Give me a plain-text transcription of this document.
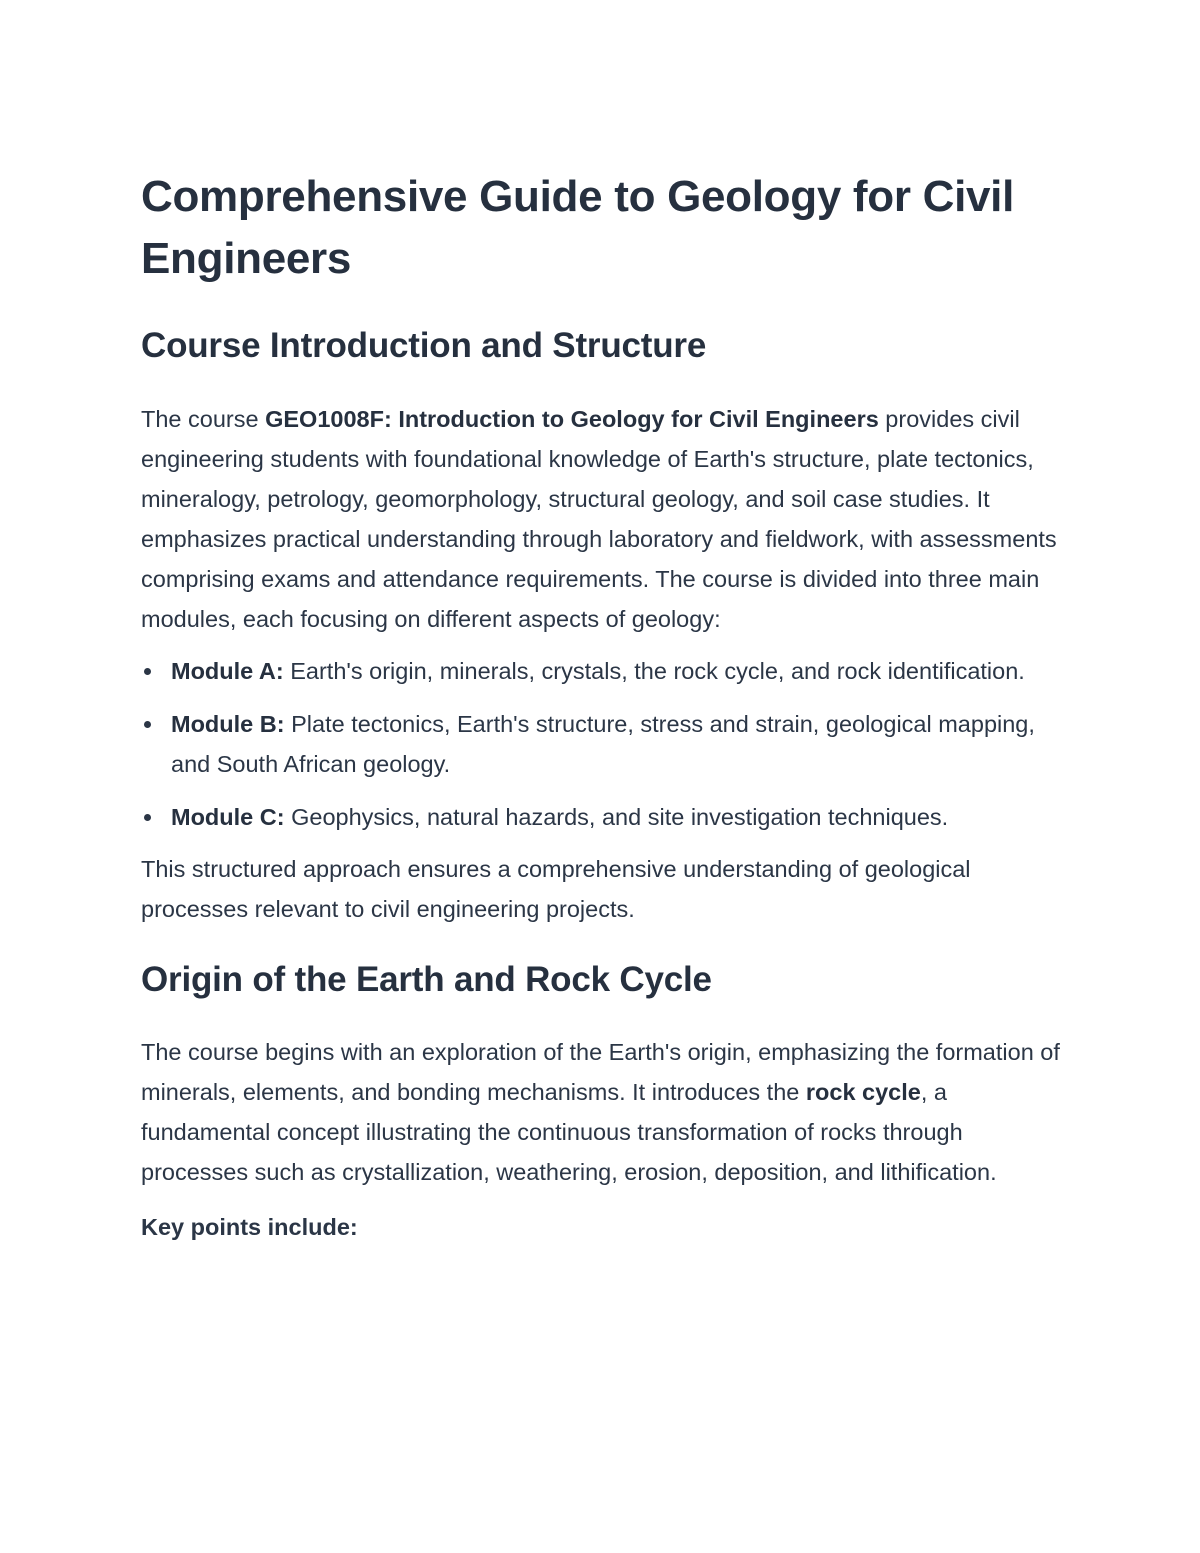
Comprehensive Guide to Geology for Civil Engineers
Course Introduction and Structure

The course GEO1008F: Introduction to Geology for Civil Engineers provides civil engineering students with foundational knowledge of Earth's structure, plate tectonics, mineralogy, petrology, geomorphology, structural geology, and soil case studies. It emphasizes practical understanding through laboratory and fieldwork, with assessments comprising exams and attendance requirements. The course is divided into three main modules, each focusing on different aspects of geology:

Module A: Earth's origin, minerals, crystals, the rock cycle, and rock identification.
Module B: Plate tectonics, Earth's structure, stress and strain, geological mapping, and South African geology.
Module C: Geophysics, natural hazards, and site investigation techniques.

This structured approach ensures a comprehensive understanding of geological processes relevant to civil engineering projects.

Origin of the Earth and Rock Cycle

The course begins with an exploration of the Earth's origin, emphasizing the formation of minerals, elements, and bonding mechanisms. It introduces the rock cycle, a fundamental concept illustrating the continuous transformation of rocks through processes such as crystallization, weathering, erosion, deposition, and lithification.

Key points include:
